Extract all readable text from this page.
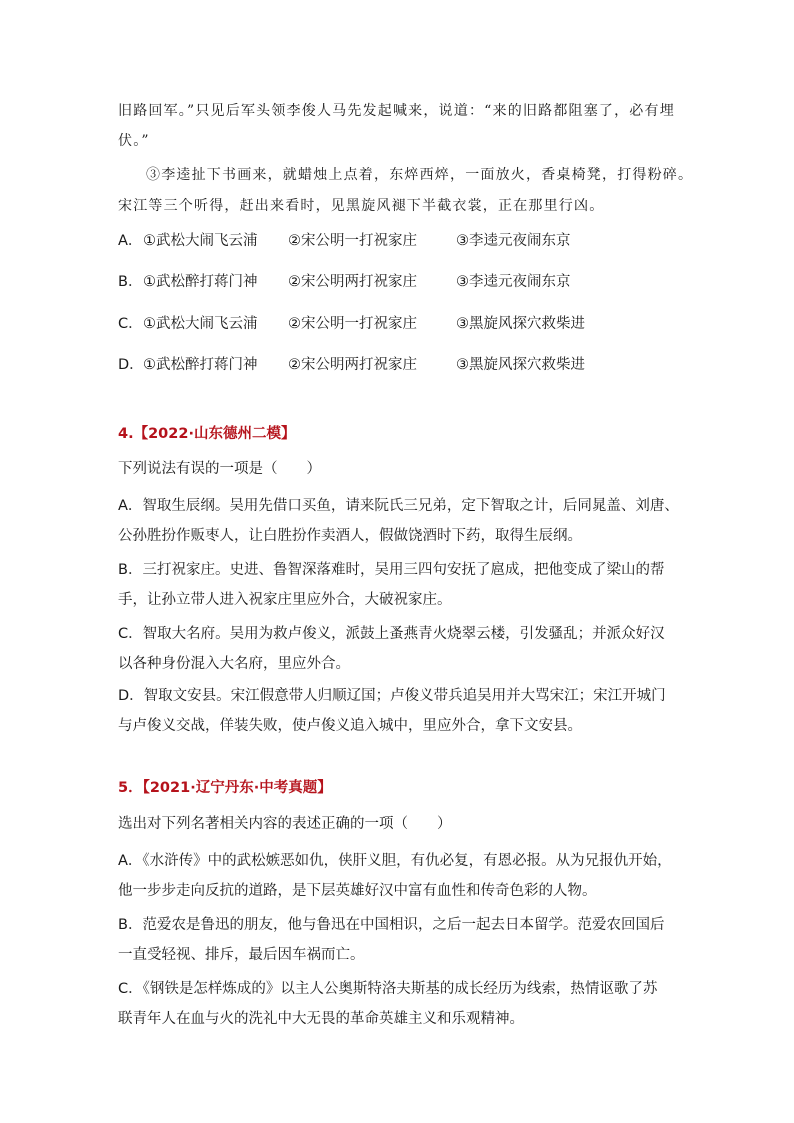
旧路回军。”只见后军头领李俊人马先发起喊来，说道：“来的旧路都阻塞了，必有埋
伏。”
③李逵扯下书画来，就蜡烛上点着，东焠西焠，一面放火，香桌椅凳，打得粉碎。
宋江等三个听得，赶出来看时，见黑旋风褪下半截衣裳，正在那里行凶。
A．①武松大闹飞云浦 ②宋公明一打祝家庄	③李逵元夜闹东京
B．①武松醉打蒋门神 ②宋公明两打祝家庄	③李逵元夜闹东京
C．①武松大闹飞云浦 ②宋公明一打祝家庄	③黑旋风探穴救柴进
D．①武松醉打蒋门神 ②宋公明两打祝家庄	③黑旋风探穴救柴进
4.【2022·山东德州二模】
下列说法有误的一项是（　　）
A．智取生辰纲。吴用先借口买鱼，请来阮氏三兄弟，定下智取之计，后同晁盖、刘唐、
公孙胜扮作贩枣人，让白胜扮作卖酒人，假做饶酒时下药，取得生辰纲。
B．三打祝家庄。史进、鲁智深落难时，吴用三四句安抚了扈成，把他变成了梁山的帮
手，让孙立带人进入祝家庄里应外合，大破祝家庄。
C．智取大名府。吴用为救卢俊义，派鼓上蚤燕青火烧翠云楼，引发骚乱；并派众好汉
以各种身份混入大名府，里应外合。
D．智取文安县。宋江假意带人归顺辽国；卢俊义带兵追吴用并大骂宋江；宋江开城门
与卢俊义交战，佯装失败，使卢俊义追入城中，里应外合，拿下文安县。
5．【2021·辽宁丹东·中考真题】
选出对下列名著相关内容的表述正确的一项（　　）
A．《水浒传》中的武松嫉恶如仇，侠肝义胆，有仇必复，有恩必报。从为兄报仇开始，
他一步步走向反抗的道路，是下层英雄好汉中富有血性和传奇色彩的人物。
B．范爱农是鲁迅的朋友，他与鲁迅在中国相识，之后一起去日本留学。范爱农回国后
一直受轻视、排斥，最后因车祸而亡。
C．《钢铁是怎样炼成的》以主人公奥斯特洛夫斯基的成长经历为线索，热情讴歌了苏
联青年人在血与火的洗礼中大无畏的革命英雄主义和乐观精神。
